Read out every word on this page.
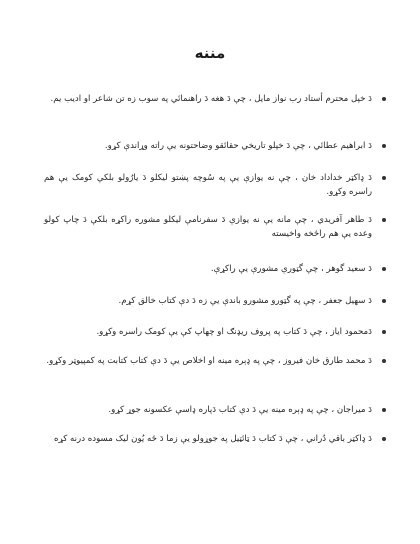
مننه
دَ خپل محترم أستاد رب نواز مایل ، چې دَ هغه دَ راهنمائي په سوب زه تن شاعر او ادیب یم.
دَ ابراهیم عطائي ، چې دَ خپلو تاریخي حقائقو وضاحتونه یې راته وړاندې کړو.
دَ ډاکټر خداداد خان ، چې نه یوازې یې په سُوچه پښتو لیکلو دَ یارُولو بلکې کومک یې هم راسره وکړو.
دَ طاهر آفریدي ، چې مانه یې نه یوازې دَ سفرنامې لیکلو مشوره راکړه بلکې دَ چاپ کولو وعده یې هم راځخه واخیسته
دَ سعید گوهر ، چې گټورې مشورې یې راکړې.
دَ سهیل جعفر ، چې په گټورو مشورو باندې یې زه دَ دې کتاب خالق کړم.
دَمحمود ایاز ، چې دَ کتاب په پروف ریډنګ او چهاپ کې یې کومک راسره وکړو.
دَ محمد طارق خان فیروز ، چې په ډېره مینه او اخلاص یې دَ دې کتاب کتابت په کمپیوټر وکړو.
دَ میراجان ، چې په ډېره مینه یې دَ دې کتاب دَپاره ډاسې عکسونه جوړ کړو.
دَ ډاکټر باقي دُراني ، چې دَ کتاب دَ ټائټیل په جوړولو یې زما دَ ځه یُون لیک مسوده درنه کړه
